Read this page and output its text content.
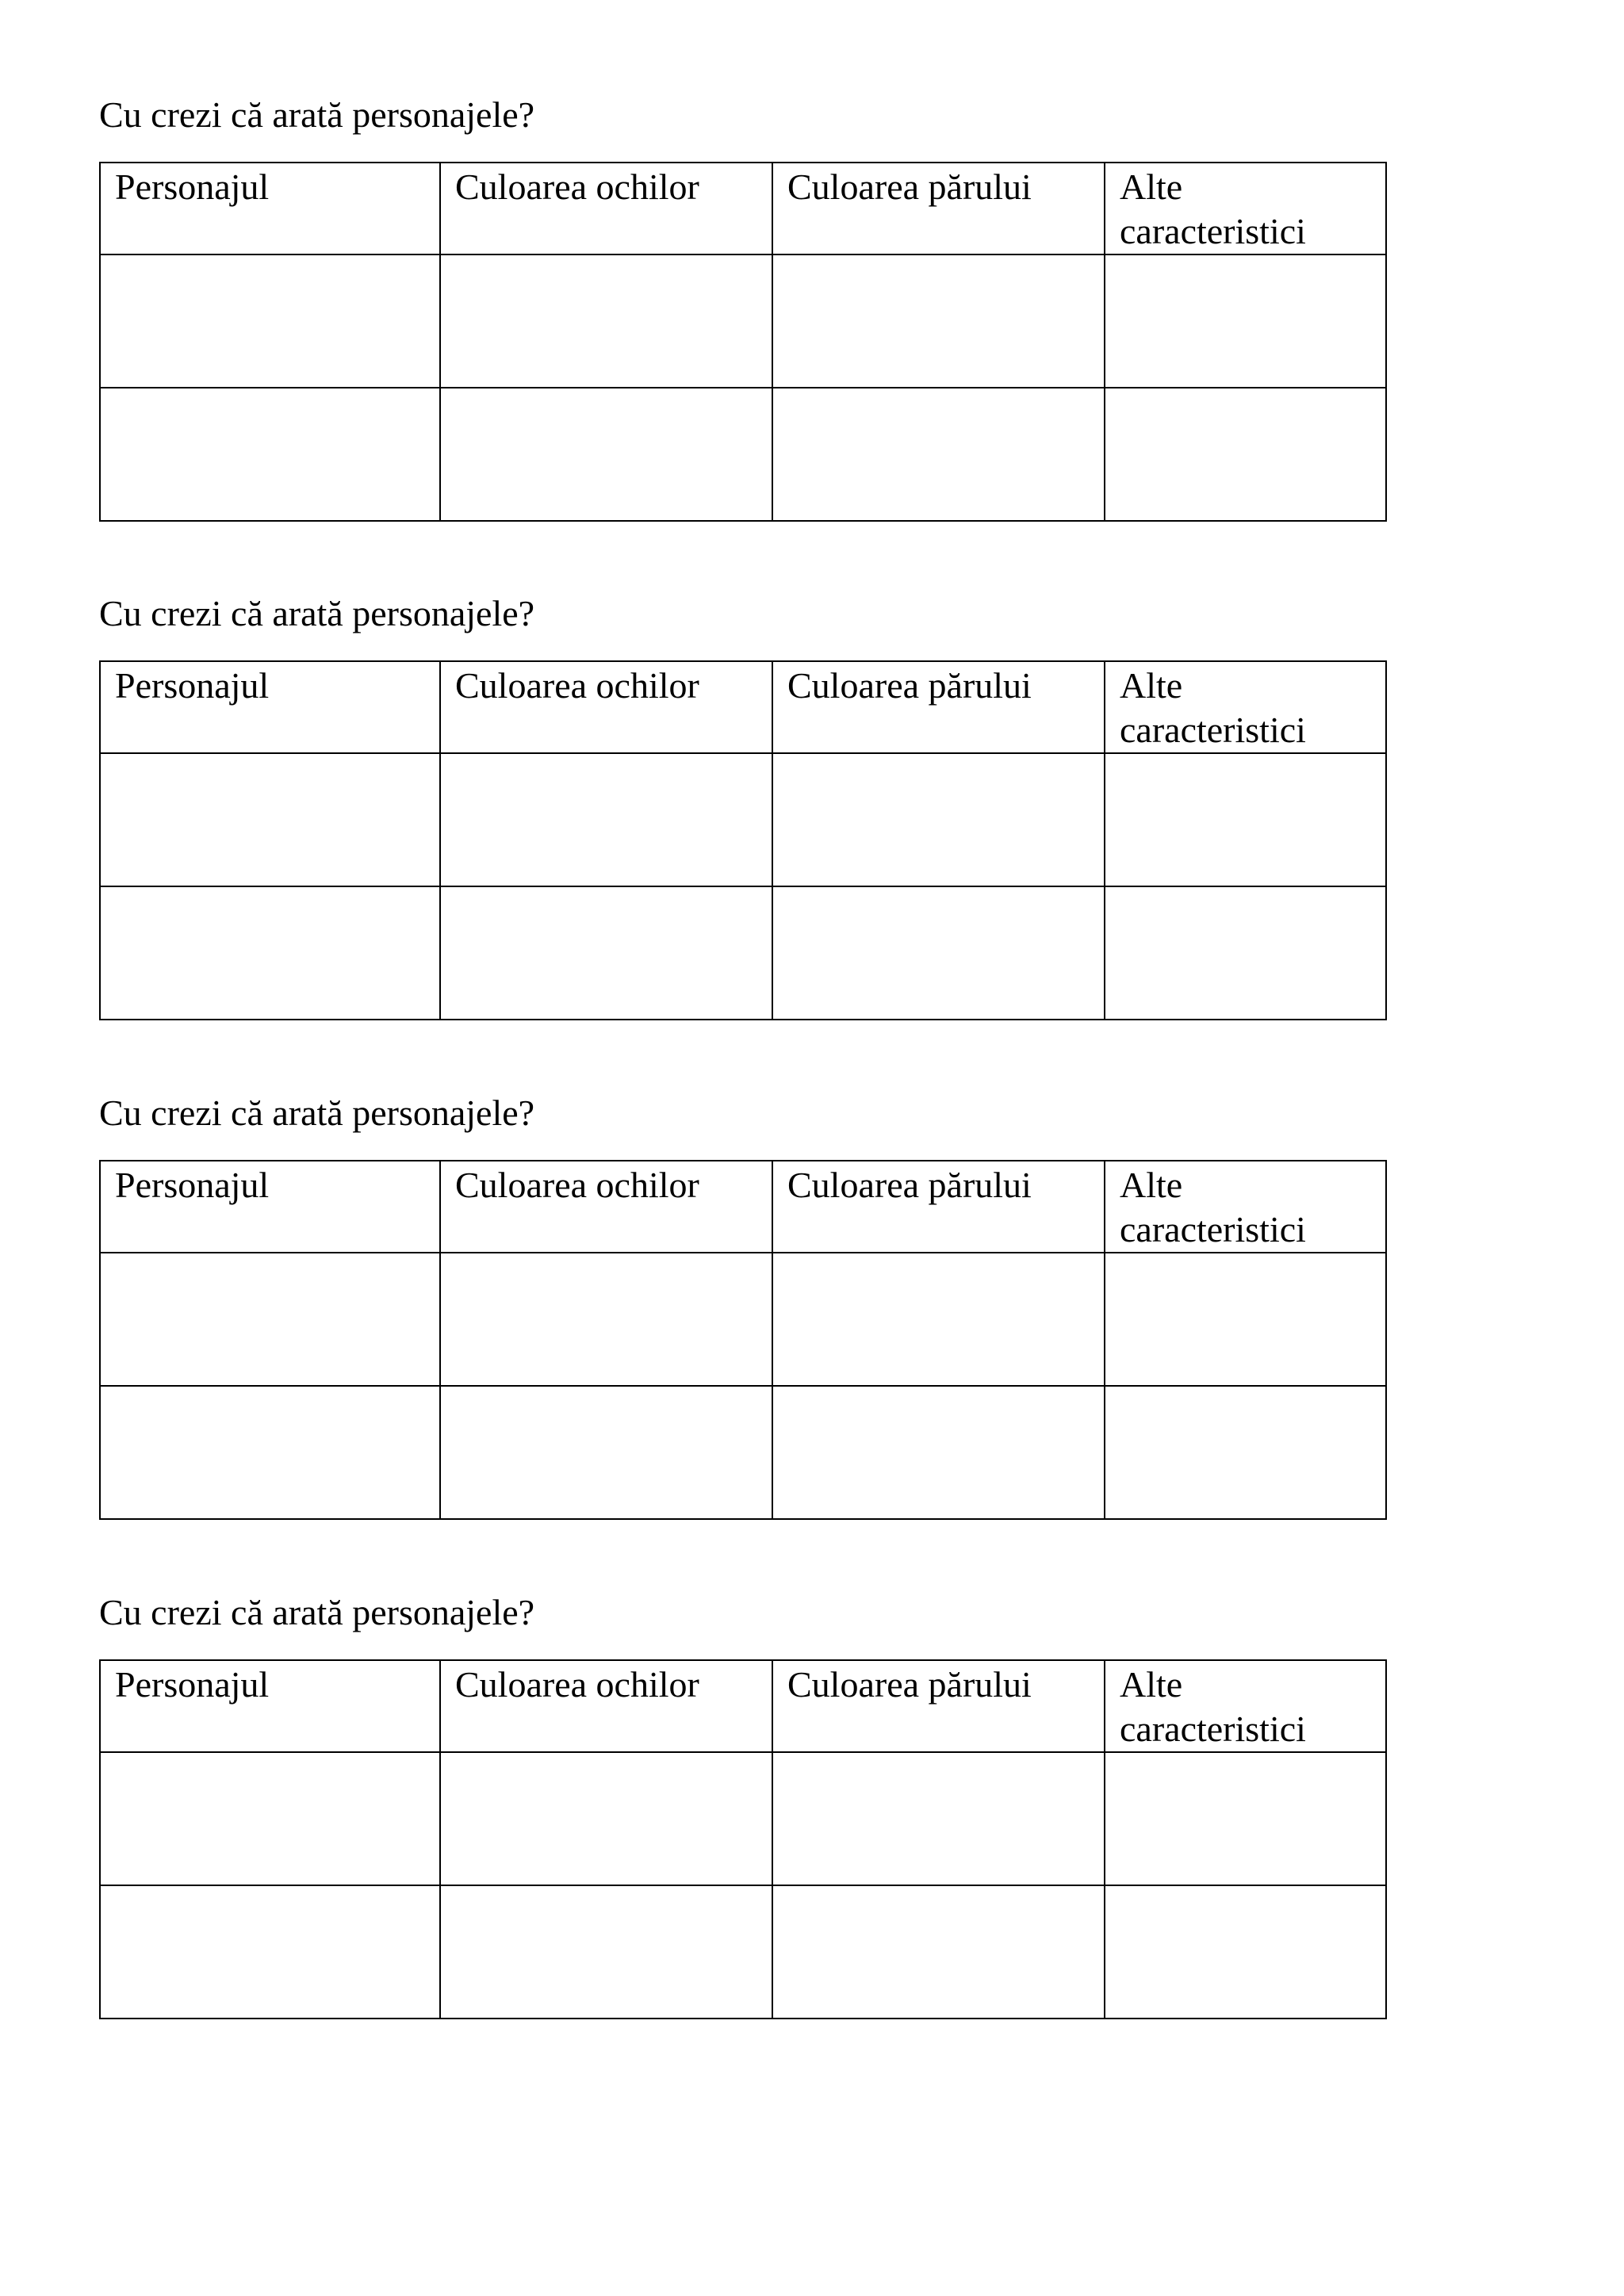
Cu crezi că arată personajele?
Personajul	Culoarea ochilor	Culoarea părului	Alte caracteristici

Cu crezi că arată personajele?
Personajul	Culoarea ochilor	Culoarea părului	Alte caracteristici

Cu crezi că arată personajele?
Personajul	Culoarea ochilor	Culoarea părului	Alte caracteristici

Cu crezi că arată personajele?
Personajul	Culoarea ochilor	Culoarea părului	Alte caracteristici
